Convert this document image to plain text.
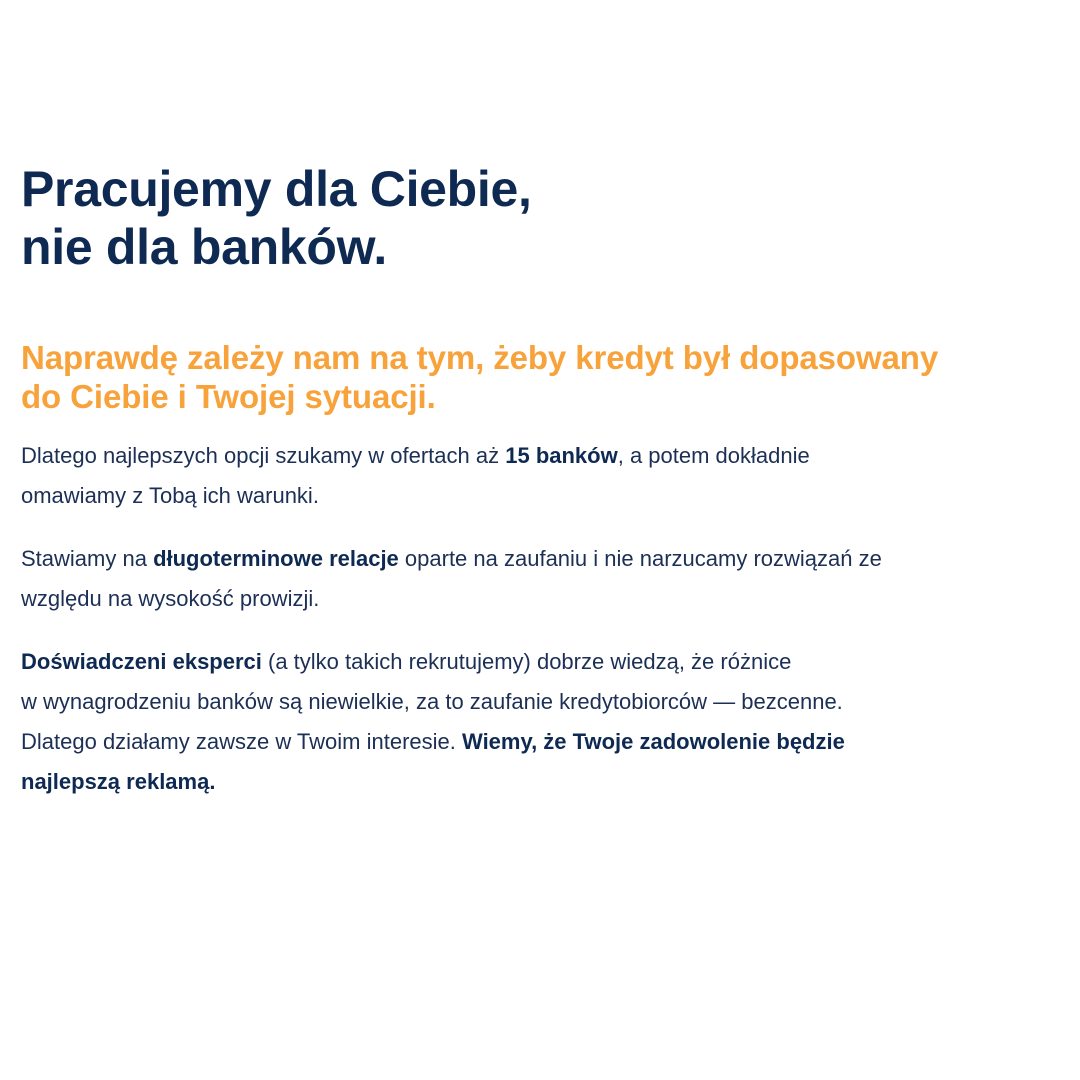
Pracujemy dla Ciebie,
nie dla banków.
Naprawdę zależy nam na tym, żeby kredyt był dopasowany
do Ciebie i Twojej sytuacji.

Dlatego najlepszych opcji szukamy w ofertach aż 15 banków, a potem dokładnie
omawiamy z Tobą ich warunki.

Stawiamy na długoterminowe relacje oparte na zaufaniu i nie narzucamy rozwiązań ze
względu na wysokość prowizji.

Doświadczeni eksperci (a tylko takich rekrutujemy) dobrze wiedzą, że różnice
w wynagrodzeniu banków są niewielkie, za to zaufanie kredytobiorców — bezcenne.
Dlatego działamy zawsze w Twoim interesie. Wiemy, że Twoje zadowolenie będzie
najlepszą reklamą.
